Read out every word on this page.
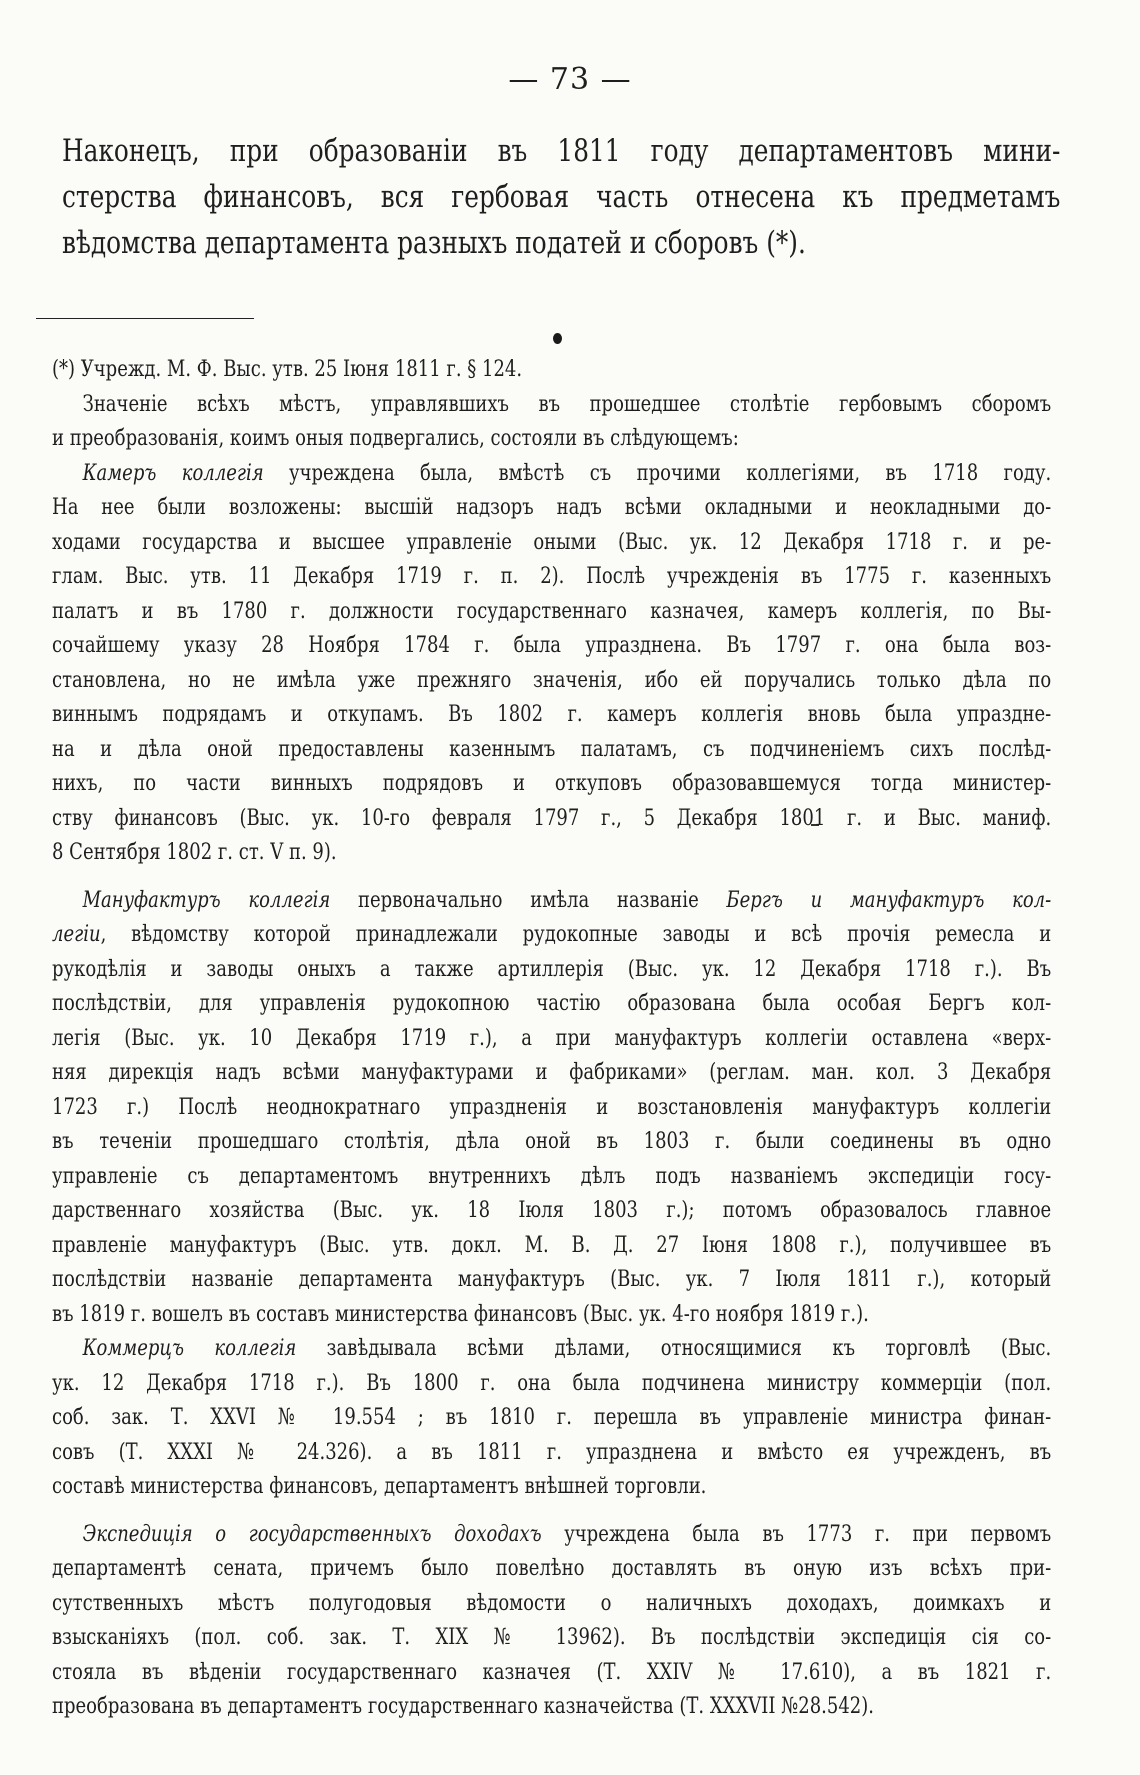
— 73 —
Наконецъ, при образованіи въ 1811 году департаментовъ мини-
стерства финансовъ, вся гербовая часть отнесена къ предметамъ
вѣдомства департамента разныхъ податей и сборовъ (*).
(*) Учрежд. М. Ф. Выс. утв. 25 Іюня 1811 г. § 124.
Значеніе всѣхъ мѣстъ, управлявшихъ въ прошедшее столѣтіе гербовымъ сборомъ
и преобразованія, коимъ оныя подвергались, состояли въ слѣдующемъ:
Камеръ коллегія учреждена была, вмѣстѣ съ прочими коллегіями, въ 1718 году.
На нее были возложены: высшій надзоръ надъ всѣми окладными и неокладными до-
ходами государства и высшее управленіе оными (Выс. ук. 12 Декабря 1718 г. и ре-
глам. Выс. утв. 11 Декабря 1719 г. п. 2). Послѣ учрежденія въ 1775 г. казенныхъ
палатъ и въ 1780 г. должности государственнаго казначея, камеръ коллегія, по Вы-
сочайшему указу 28 Ноября 1784 г. была упразднена. Въ 1797 г. она была воз-
становлена, но не имѣла уже прежняго значенія, ибо ей поручались только дѣла по
виннымъ подрядамъ и откупамъ. Въ 1802 г. камеръ коллегія вновь была упраздне-
на и дѣла оной предоставлены казеннымъ палатамъ, съ подчиненіемъ сихъ послѣд-
нихъ, по части винныхъ подрядовъ и откуповъ образовавшемуся тогда министер-
ству финансовъ (Выс. ук. 10-го февраля 1797 г., 5 Декабря 1801 г. и Выс. маниф.
8 Сентября 1802 г. ст. V п. 9).
Мануфактуръ коллегія первоначально имѣла названіе Бергъ и мануфактуръ кол-
легіи, вѣдомству которой принадлежали рудокопные заводы и всѣ прочія ремесла и
рукодѣлія и заводы оныхъ а также артиллерія (Выс. ук. 12 Декабря 1718 г.). Въ
послѣдствіи, для управленія рудокопною частію образована была особая Бергъ кол-
легія (Выс. ук. 10 Декабря 1719 г.), а при мануфактуръ коллегіи оставлена «верх-
няя дирекція надъ всѣми мануфактурами и фабриками» (реглам. ман. кол. 3 Декабря
1723 г.) Послѣ неоднократнаго упраздненія и возстановленія мануфактуръ коллегіи
въ теченіи прошедшаго столѣтія, дѣла оной въ 1803 г. были соединены въ одно
управленіе съ департаментомъ внутреннихъ дѣлъ подъ названіемъ экспедиціи госу-
дарственнаго хозяйства (Выс. ук. 18 Іюля 1803 г.); потомъ образовалось главное
правленіе мануфактуръ (Выс. утв. докл. М. В. Д. 27 Іюня 1808 г.), получившее въ
послѣдствіи названіе департамента мануфактуръ (Выс. ук. 7 Іюля 1811 г.), который
въ 1819 г. вошелъ въ составъ министерства финансовъ (Выс. ук. 4-го ноября 1819 г.).
Коммерцъ коллегія завѣдывала всѣми дѣлами, относящимися къ торговлѣ (Выс.
ук. 12 Декабря 1718 г.). Въ 1800 г. она была подчинена министру коммерціи (пол.
соб. зак. Т. XXVI № 19.554 ; въ 1810 г. перешла въ управленіе министра финан-
совъ (Т. XXXI № 24.326). а въ 1811 г. упразднена и вмѣсто ея учрежденъ, въ
составѣ министерства финансовъ, департаментъ внѣшней торговли.
Экспедиція о государственныхъ доходахъ учреждена была въ 1773 г. при первомъ
департаментѣ сената, причемъ было повелѣно доставлять въ оную изъ всѣхъ при-
сутственныхъ мѣстъ полугодовыя вѣдомости о наличныхъ доходахъ, доимкахъ и
взысканіяхъ (пол. соб. зак. Т. XIX № 13962). Въ послѣдствіи экспедиція сія со-
стояла въ вѣденіи государственнаго казначея (Т. XXIV № 17.610), а въ 1821 г.
преобразована въ департаментъ государственнаго казначейства (Т. XXXVII №28.542).
